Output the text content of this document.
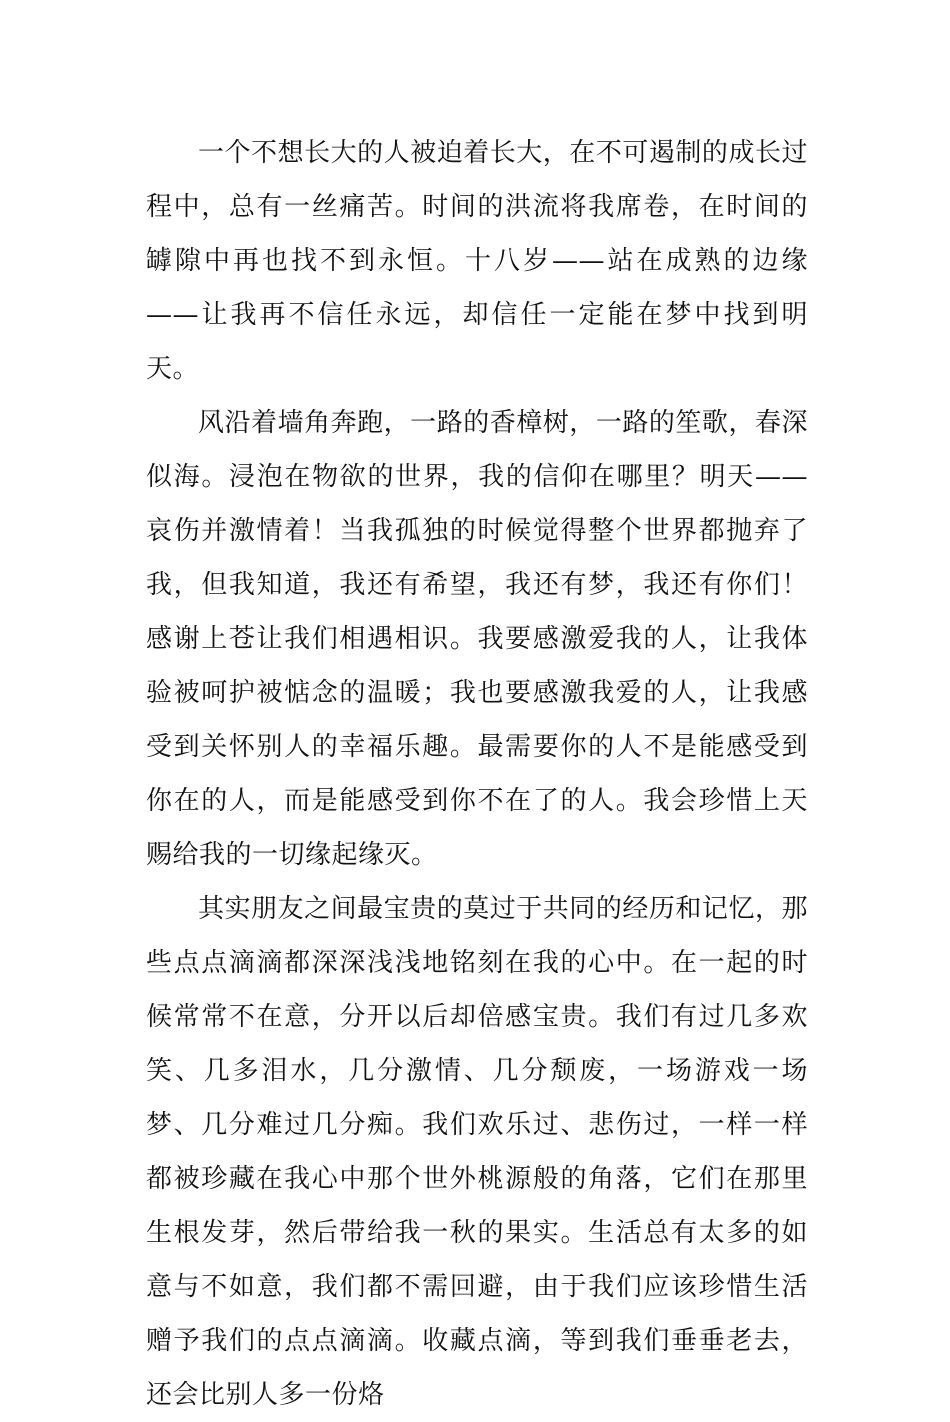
一个不想长大的人被迫着长大，在不可遏制的成长过程中，总有一丝痛苦。时间的洪流将我席卷，在时间的罅隙中再也找不到永恒。十八岁——站在成熟的边缘——让我再不信任永远，却信任一定能在梦中找到明天。

风沿着墙角奔跑，一路的香樟树，一路的笙歌，春深似海。浸泡在物欲的世界，我的信仰在哪里？明天——哀伤并激情着！当我孤独的时候觉得整个世界都抛弃了我，但我知道，我还有希望，我还有梦，我还有你们！感谢上苍让我们相遇相识。我要感激爱我的人，让我体验被呵护被惦念的温暖；我也要感激我爱的人，让我感受到关怀别人的幸福乐趣。最需要你的人不是能感受到你在的人，而是能感受到你不在了的人。我会珍惜上天赐给我的一切缘起缘灭。

其实朋友之间最宝贵的莫过于共同的经历和记忆，那些点点滴滴都深深浅浅地铭刻在我的心中。在一起的时候常常不在意，分开以后却倍感宝贵。我们有过几多欢笑、几多泪水，几分激情、几分颓废，一场游戏一场梦、几分难过几分痴。我们欢乐过、悲伤过，一样一样都被珍藏在我心中那个世外桃源般的角落，它们在那里生根发芽，然后带给我一秋的果实。生活总有太多的如意与不如意，我们都不需回避，由于我们应该珍惜生活赠予我们的点点滴滴。收藏点滴，等到我们垂垂老去，还会比别人多一份烙
